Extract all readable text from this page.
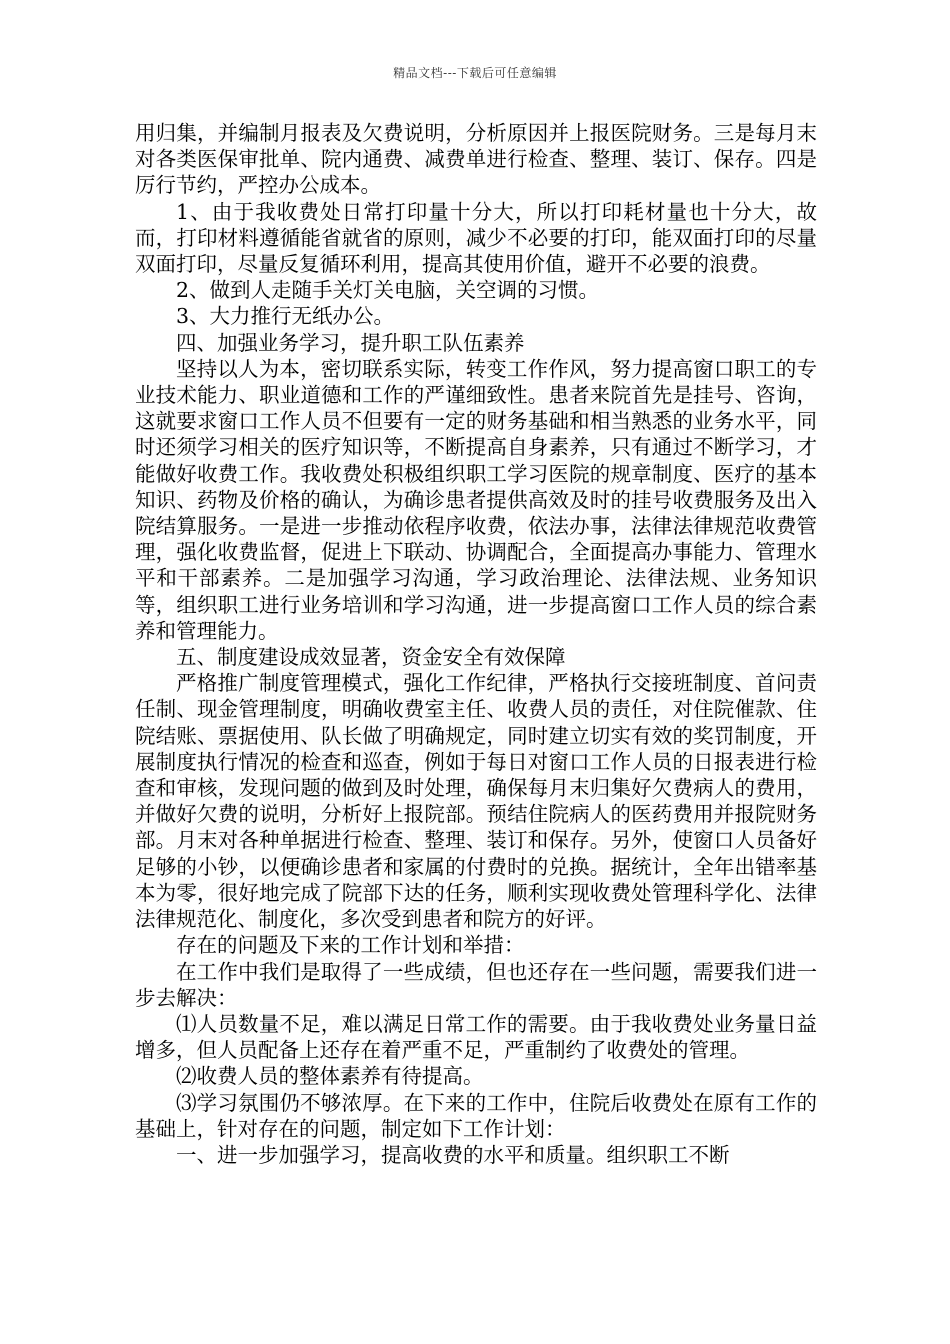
精品文档---下载后可任意编辑

用归集，并编制月报表及欠费说明，分析原因并上报医院财务。三是每月末对各类医保审批单、院内通费、减费单进行检查、整理、装订、保存。四是厉行节约，严控办公成本。

1、由于我收费处日常打印量十分大，所以打印耗材量也十分大，故而，打印材料遵循能省就省的原则，减少不必要的打印，能双面打印的尽量双面打印，尽量反复循环利用，提高其使用价值，避开不必要的浪费。

2、做到人走随手关灯关电脑，关空调的习惯。

3、大力推行无纸办公。

四、加强业务学习，提升职工队伍素养

坚持以人为本，密切联系实际，转变工作作风，努力提高窗口职工的专业技术能力、职业道德和工作的严谨细致性。患者来院首先是挂号、咨询，这就要求窗口工作人员不但要有一定的财务基础和相当熟悉的业务水平，同时还须学习相关的医疗知识等，不断提高自身素养，只有通过不断学习，才能做好收费工作。我收费处积极组织职工学习医院的规章制度、医疗的基本知识、药物及价格的确认，为确诊患者提供高效及时的挂号收费服务及出入院结算服务。一是进一步推动依程序收费，依法办事，法律法律规范收费管理，强化收费监督，促进上下联动、协调配合，全面提高办事能力、管理水平和干部素养。二是加强学习沟通，学习政治理论、法律法规、业务知识等，组织职工进行业务培训和学习沟通，进一步提高窗口工作人员的综合素养和管理能力。

五、制度建设成效显著，资金安全有效保障

严格推广制度管理模式，强化工作纪律，严格执行交接班制度、首问责任制、现金管理制度，明确收费室主任、收费人员的责任，对住院催款、住院结账、票据使用、队长做了明确规定，同时建立切实有效的奖罚制度，开展制度执行情况的检查和巡查，例如于每日对窗口工作人员的日报表进行检查和审核，发现问题的做到及时处理，确保每月末归集好欠费病人的费用，并做好欠费的说明，分析好上报院部。预结住院病人的医药费用并报院财务部。月末对各种单据进行检查、整理、装订和保存。另外，使窗口人员备好足够的小钞，以便确诊患者和家属的付费时的兑换。据统计，全年出错率基本为零，很好地完成了院部下达的任务，顺利实现收费处管理科学化、法律法律规范化、制度化，多次受到患者和院方的好评。

存在的问题及下来的工作计划和举措：

在工作中我们是取得了一些成绩，但也还存在一些问题，需要我们进一步去解决：

⑴人员数量不足，难以满足日常工作的需要。由于我收费处业务量日益增多，但人员配备上还存在着严重不足，严重制约了收费处的管理。

⑵收费人员的整体素养有待提高。

⑶学习氛围仍不够浓厚。在下来的工作中，住院后收费处在原有工作的基础上，针对存在的问题，制定如下工作计划：

一、进一步加强学习，提高收费的水平和质量。组织职工不断
